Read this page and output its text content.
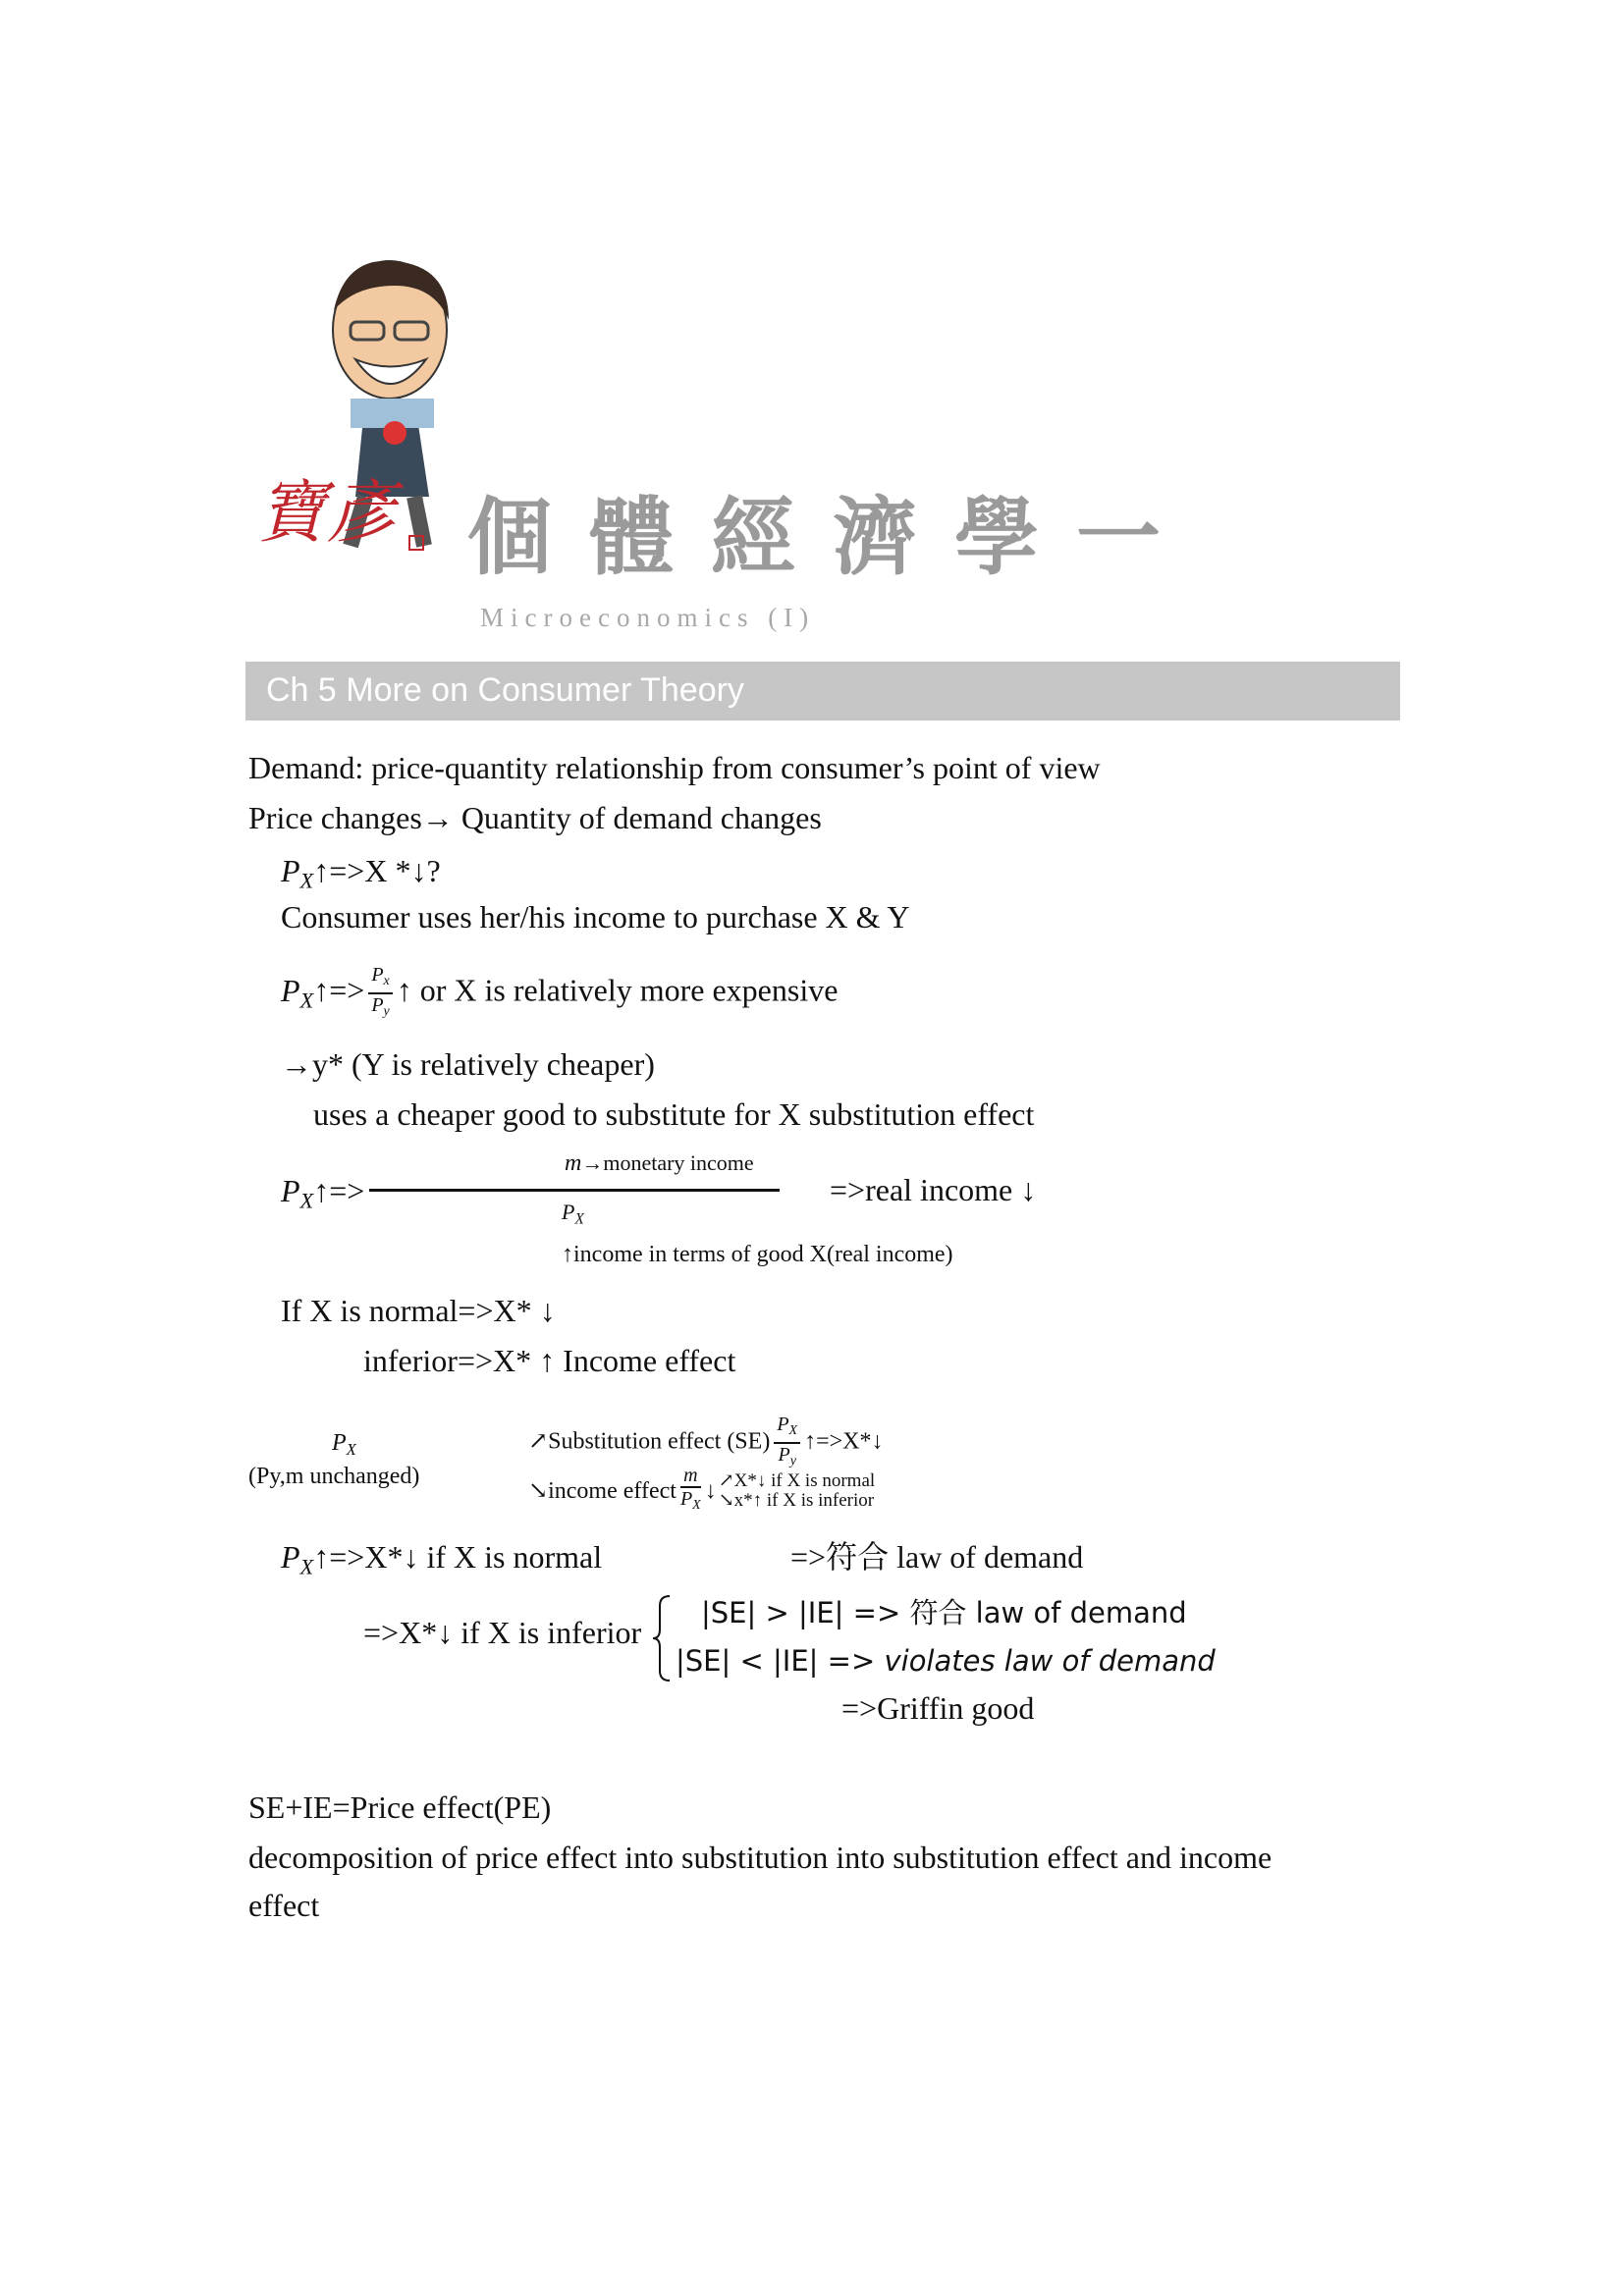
寶彥 個體經濟學一
Microeconomics (I)
Ch 5 More on Consumer Theory
Demand: price-quantity relationship from consumer’s point of view
Price changes→ Quantity of demand changes
$P_X↑=>X$ *↓?
Consumer uses her/his income to purchase X & Y
$P_X↑=> \frac{P_x}{P_y}$ ↑ or X is relatively more expensive
→y* (Y is relatively cheaper)
uses a cheaper good to substitute for X substitution effect
$P_X↑=>$
m→monetary income
$P_X$
=>real income ↓
↑income in terms of good X(real income)
If X is normal=>X* ↓
inferior=>X* ↑ Income effect
$P_X$
(Py,m unchanged)
↗Substitution effect $(SE) \frac{P_X}{P_y}$ ↑=>X*↓
↘income effect $\frac{m}{P_X}$ ↓ ↗X*↓ if X is normal
↘x*↑ if X is inferior
$P_X↑=>X*↓$ if X is normal	=>符合 law of demand
=>X*↓ if X is inferior
|SE| > |IE| => 符合 law of demand
|SE| < |IE| => violates law of demand
=>Griffin good
SE+IE=Price effect(PE)
decomposition of price effect into substitution into substitution effect and income
effect
